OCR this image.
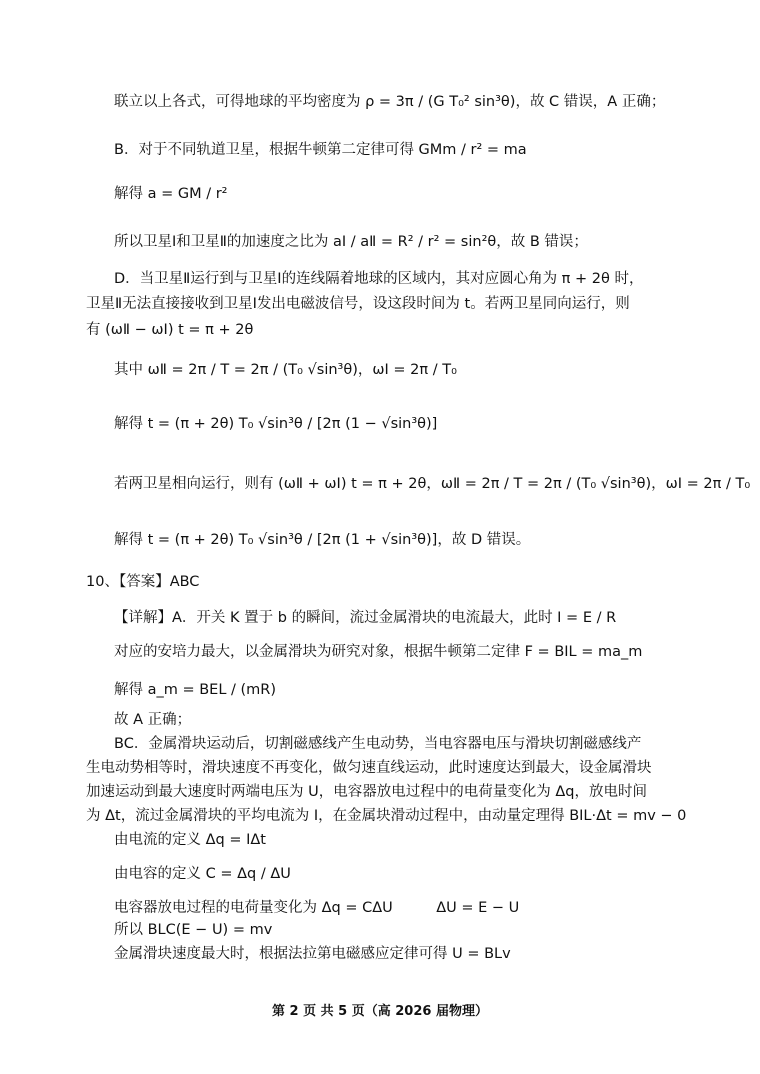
联立以上各式，可得地球的平均密度为 ρ = 3π / (G T₀² sin³θ)，故 C 错误，A 正确；
B．对于不同轨道卫星，根据牛顿第二定律可得 GMm / r² = ma
解得 a = GM / r²
所以卫星Ⅰ和卫星Ⅱ的加速度之比为 aⅠ / aⅡ = R² / r² = sin²θ，故 B 错误；
D．当卫星Ⅱ运行到与卫星Ⅰ的连线隔着地球的区域内，其对应圆心角为 π + 2θ 时，
卫星Ⅱ无法直接接收到卫星Ⅰ发出电磁波信号，设这段时间为 t。若两卫星同向运行，则
有 (ωⅡ − ωⅠ) t = π + 2θ
其中 ωⅡ = 2π / T = 2π / (T₀ √sin³θ)，ωⅠ = 2π / T₀
解得 t = (π + 2θ) T₀ √sin³θ / [2π (1 − √sin³θ)]
若两卫星相向运行，则有 (ωⅡ + ωⅠ) t = π + 2θ，ωⅡ = 2π / T = 2π / (T₀ √sin³θ)，ωⅠ = 2π / T₀
解得 t = (π + 2θ) T₀ √sin³θ / [2π (1 + √sin³θ)]，故 D 错误。
10、【答案】ABC
【详解】A．开关 K 置于 b 的瞬间，流过金属滑块的电流最大，此时 I = E / R
对应的安培力最大，以金属滑块为研究对象，根据牛顿第二定律 F = BIL = ma_m
解得 a_m = BEL / (mR)
故 A 正确；
BC．金属滑块运动后，切割磁感线产生电动势，当电容器电压与滑块切割磁感线产
生电动势相等时，滑块速度不再变化，做匀速直线运动，此时速度达到最大，设金属滑块
加速运动到最大速度时两端电压为 U，电容器放电过程中的电荷量变化为 Δq，放电时间
为 Δt，流过金属滑块的平均电流为 I，在金属块滑动过程中，由动量定理得 BIL·Δt = mv − 0
由电流的定义 Δq = IΔt
由电容的定义 C = Δq / ΔU
电容器放电过程的电荷量变化为 Δq = CΔU　　　ΔU = E − U
所以 BLC(E − U) = mv
金属滑块速度最大时，根据法拉第电磁感应定律可得 U = BLv
第 2 页 共 5 页（高 2026 届物理）
